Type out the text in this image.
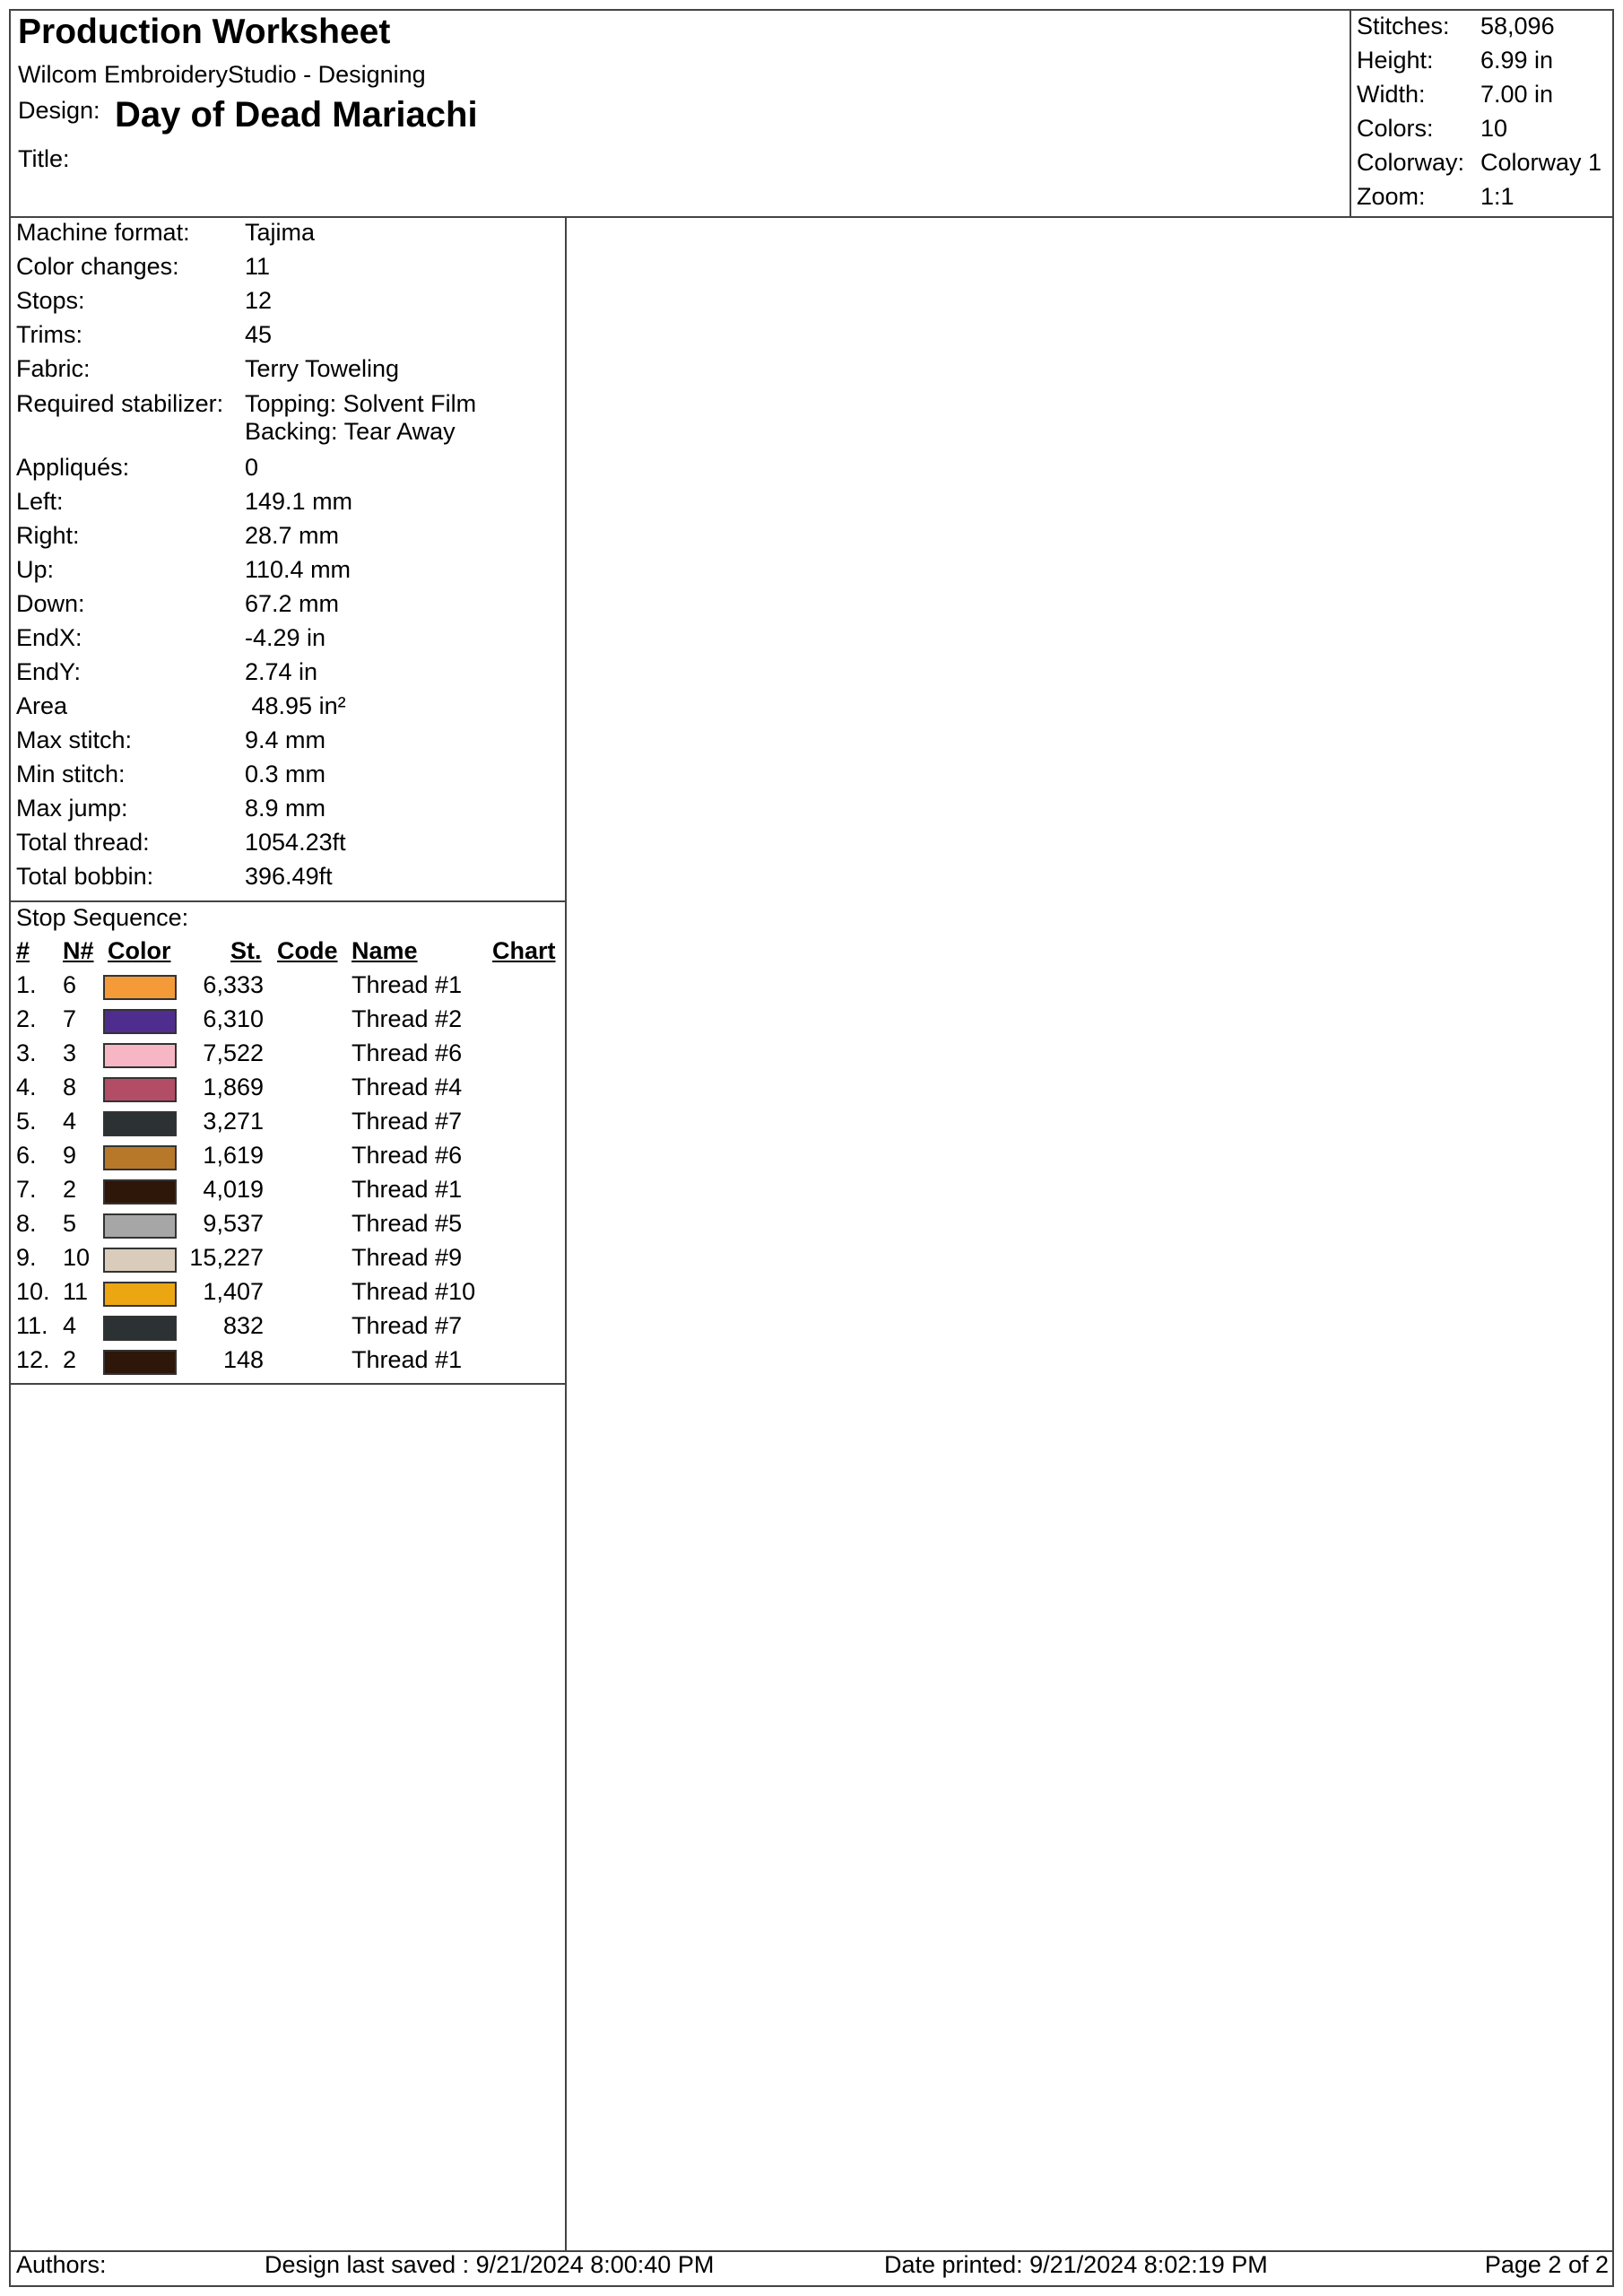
Production Worksheet
Wilcom EmbroideryStudio - Designing
Design: Day of Dead Mariachi
Title:
Stitches: 58,096
Height: 6.99 in
Width: 7.00 in
Colors: 10
Colorway: Colorway 1
Zoom: 1:1
Machine format: Tajima
Color changes:	11
Stops:	12
Trims:	45
Fabric:	Terry Toweling
Required stabilizer: Topping: Solvent Film
Backing: Tear Away
Appliqués:	0
Left:	149.1 mm
Right:	28.7 mm
Up:	110.4 mm
Down:	67.2 mm
EndX:	-4.29 in
EndY:	2.74 in
Area	48.95 in²
Max stitch:	9.4 mm
Min stitch:	0.3 mm
Max jump:	8.9 mm
Total thread:	1054.23ft
Total bobbin:	396.49ft
Stop Sequence:
# N# Color St. Code Name	Chart
1. 6	6,333	Thread #1
2. 7	6,310	Thread #2
3. 3	7,522	Thread #6
4. 8	1,869	Thread #4
5. 4	3,271	Thread #7
6. 9	1,619	Thread #6
7. 2	4,019	Thread #1
8. 5	9,537	Thread #5
9. 10	15,227	Thread #9
10. 11	1,407	Thread #10
11. 4	832	Thread #7
12. 2	148	Thread #1
Authors:	Design last saved : 9/21/2024 8:00:40 PM	Date printed: 9/21/2024 8:02:19 PM	Page 2 of 2
